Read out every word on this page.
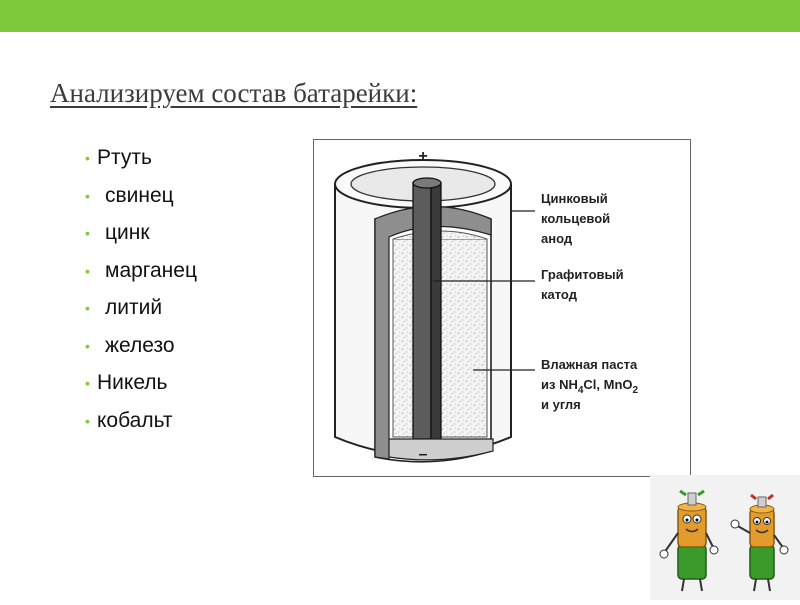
Анализируем состав батарейки:
• Ртуть
• свинец
• цинк
• марганец
• литий
• железо
• Никель
• кобальт
+
–
Цинковый
кольцевой
анод
Графитовый
катод
Влажная паста
из $NH_4Cl$, MnO$_2$
и угля
